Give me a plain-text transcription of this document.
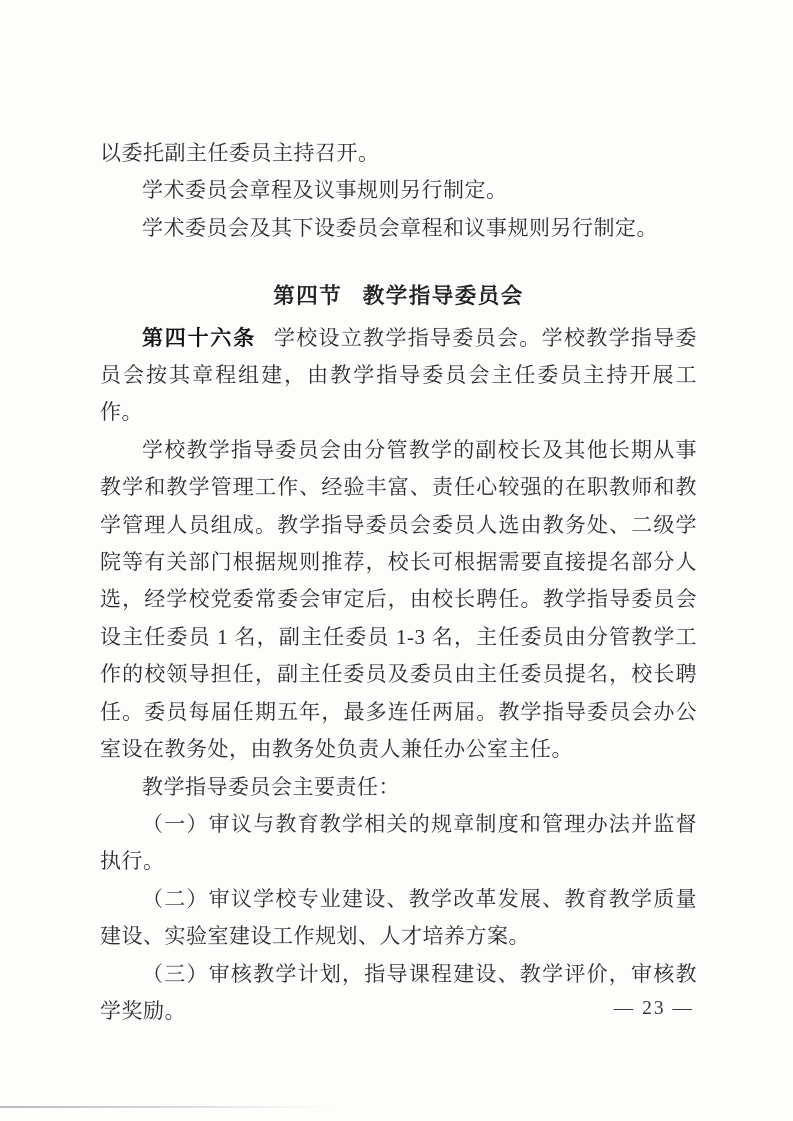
以委托副主任委员主持召开。

学术委员会章程及议事规则另行制定。

学术委员会及其下设委员会章程和议事规则另行制定。

第四节 教学指导委员会

第四十六条 学校设立教学指导委员会。学校教学指导委员会按其章程组建，由教学指导委员会主任委员主持开展工作。

学校教学指导委员会由分管教学的副校长及其他长期从事教学和教学管理工作、经验丰富、责任心较强的在职教师和教学管理人员组成。教学指导委员会委员人选由教务处、二级学院等有关部门根据规则推荐，校长可根据需要直接提名部分人选，经学校党委常委会审定后，由校长聘任。教学指导委员会设主任委员 1 名，副主任委员 1-3 名，主任委员由分管教学工作的校领导担任，副主任委员及委员由主任委员提名，校长聘任。委员每届任期五年，最多连任两届。教学指导委员会办公室设在教务处，由教务处负责人兼任办公室主任。

教学指导委员会主要责任：

（一）审议与教育教学相关的规章制度和管理办法并监督执行。

（二）审议学校专业建设、教学改革发展、教育教学质量建设、实验室建设工作规划、人才培养方案。

（三）审核教学计划，指导课程建设、教学评价，审核教学奖励。	— 23 —
